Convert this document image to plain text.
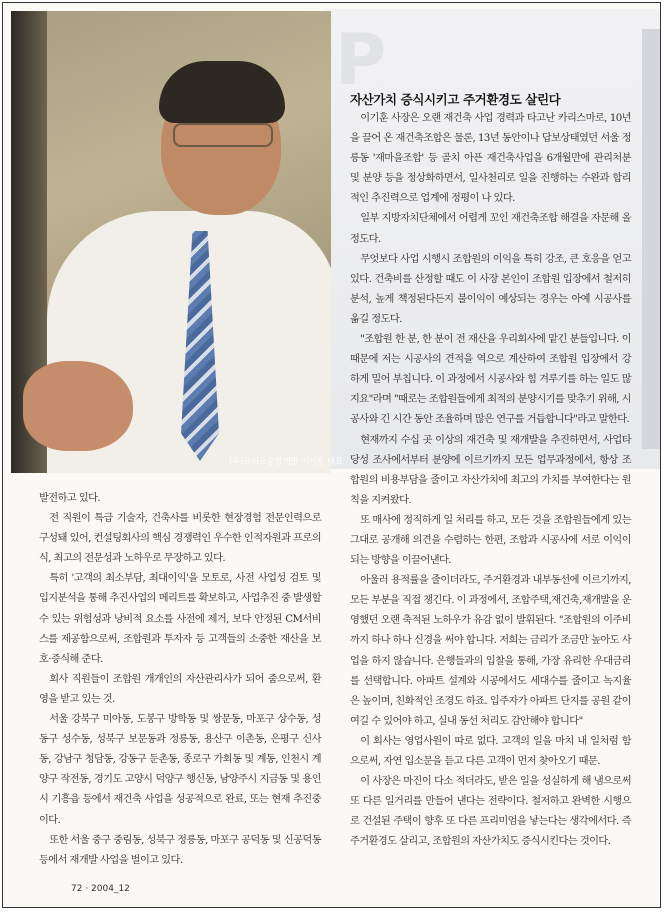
P
(주)프리모종합개발 이기훈 대표
자산가치 증식시키고 주거환경도 살린다

이기훈 사장은 오랜 재건축 사업 경력과 타고난 카리스마로, 10년을 끌어 온 재건축조합은 물론, 13년 동안이나 답보상태였던 서울 정릉동 '재마을조합' 등 골치 아픈 재건축사업을 6개월만에 관리처분 및 분양 등을 정상화하면서, 일사천리로 일을 진행하는 수완과 합리적인 추진력으로 업계에 정평이 나 있다.

일부 지방자치단체에서 어렵게 꼬인 재건축조합 해결을 자문해 올 정도다.

무엇보다 사업 시행시 조합원의 이익을 특히 강조, 큰 호응을 얻고 있다. 건축비를 산정할 때도 이 사장 본인이 조합원 입장에서 철저히 분석, 높게 책정된다든지 불이익이 예상되는 경우는 아예 시공사를 옮길 정도다.

"조합원 한 분, 한 분이 전 재산을 우리회사에 맡긴 분들입니다. 이 때문에 저는 시공사의 견적을 역으로 계산하여 조합원 입장에서 강하게 밀어 부칩니다. 이 과정에서 시공사와 힘 겨루기를 하는 일도 많지요"라며 "때로는 조합원들에게 최적의 분양시기를 맞추기 위해, 시공사와 긴 시간 동안 조율하며 많은 연구를 거듭합니다"라고 말한다.

현재까지 수십 곳 이상의 재건축 및 재개발을 추진하면서, 사업타당성 조사에서부터 분양에 이르기까지 모든 업무과정에서, 항상 조합원의 비용부담을 줄이고 자산가치에 최고의 가치를 부여한다는 원칙을 지켜왔다.

또 매사에 정직하게 일 처리를 하고, 모든 것을 조합원들에게 있는 그대로 공개해 의견을 수렴하는 한편, 조합과 시공사에 서로 이익이 되는 방향을 이끌어낸다.

아울러 용적률을 줄이더라도, 주거환경과 내부동선에 이르기까지, 모든 부분을 직접 챙긴다. 이 과정에서, 조합주택,재건축,재개발을 운영했던 오랜 축적된 노하우가 유감 없이 발휘된다. "조합원의 이주비까지 하나 하나 신경을 써야 합니다. 저희는 금리가 조금만 높아도 사업을 하지 않습니다. 은행들과의 입찰을 통해, 가장 유리한 우대금리를 선택합니다. 아파트 설계와 시공에서도 세대수를 줄이고 녹지율은 높이며, 친화적인 조경도 하죠. 입주자가 아파트 단지를 공원 같이 여길 수 있어야 하고, 실내 동선 처리도 감안해야 합니다"

이 회사는 영업사원이 따로 없다. 고객의 일을 마치 내 일처럼 함으로써, 자연 입소문을 듣고 다른 고객이 먼저 찾아오기 때문.

이 사장은 마진이 다소 적더라도, 받은 일을 성실하게 해 냄으로써 또 다른 일거리를 만들어 낸다는 전략이다. 철저하고 완벽한 시행으로 건설된 주택이 향후 또 다른 프리미엄을 낳는다는 생각에서다. 즉 주거환경도 살리고, 조합원의 자산가치도 증식시킨다는 것이다.

발전하고 있다.

전 직원이 특급 기술자, 건축사를 비롯한 현장경험 전문인력으로 구성돼 있어, 컨설팅회사의 핵심 경쟁력인 우수한 인적자원과 프로의식, 최고의 전문성과 노하우로 무장하고 있다.

특히 '고객의 최소부담, 최대이익'을 모토로, 사전 사업성 검토 및 입지분석을 통해 추진사업의 메리트를 확보하고, 사업추진 중 발생할 수 있는 위험성과 낭비적 요소를 사전에 제거, 보다 안정된 CM서비스를 제공함으로써, 조합원과 투자자 등 고객들의 소중한 재산을 보호·증식해 준다.

회사 직원들이 조합원 개개인의 자산관리사가 되어 줌으로써, 환영을 받고 있는 것.

서울 강북구 미아동, 도봉구 방학동 및 쌍문동, 마포구 상수동, 성동구 성수동, 성북구 보문동과 정릉동, 용산구 이촌동, 은평구 신사동, 강남구 청담동, 강동구 둔촌동, 종로구 가회동 및 계동, 인천시 계양구 작전동, 경기도 고양시 덕양구 행신동, 남양주시 지금동 및 용인시 기흥읍 등에서 재건축 사업을 성공적으로 완료, 또는 현재 추진중이다.

또한 서울 중구 중림동, 성북구 정릉동, 마포구 공덕동 및 신공덕동 등에서 재개발 사업을 벌이고 있다.

72 · 2004_12
